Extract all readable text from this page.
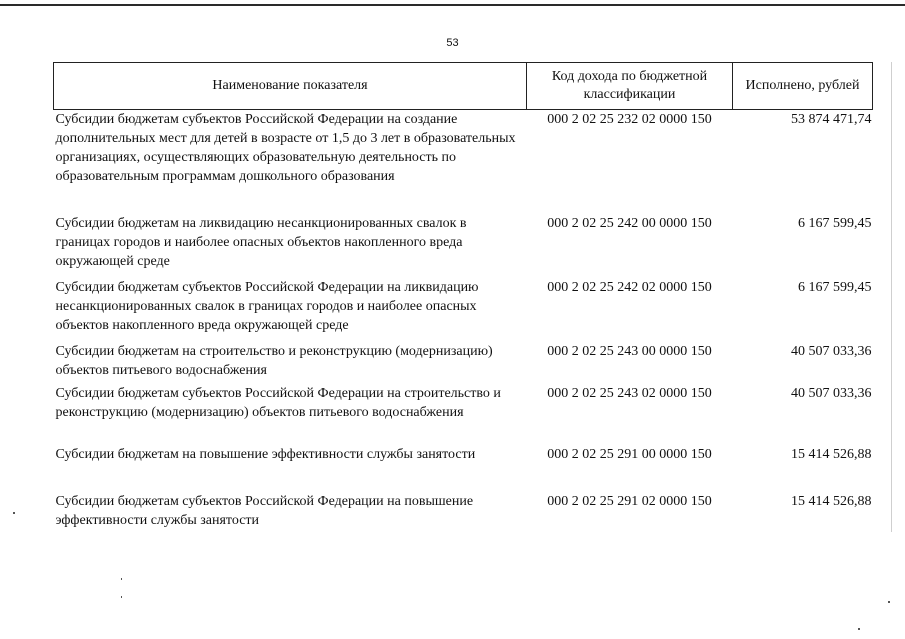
53
Наименование показателя	Код дохода по бюджетной классификации	Исполнено, рублей
Субсидии бюджетам субъектов Российской Федерации на создание дополнительных мест для детей в возрасте от 1,5 до 3 лет в образовательных организациях, осуществляющих образовательную деятельность по образовательным программам дошкольного образования	000 2 02 25 232 02 0000 150	53 874 471,74
Субсидии бюджетам на ликвидацию несанкционированных свалок в границах городов и наиболее опасных объектов накопленного вреда окружающей среде	000 2 02 25 242 00 0000 150	6 167 599,45
Субсидии бюджетам субъектов Российской Федерации на ликвидацию несанкционированных свалок в границах городов и наиболее опасных объектов накопленного вреда окружающей среде	000 2 02 25 242 02 0000 150	6 167 599,45
Субсидии бюджетам на строительство и реконструкцию (модернизацию) объектов питьевого водоснабжения	000 2 02 25 243 00 0000 150	40 507 033,36
Субсидии бюджетам субъектов Российской Федерации на строительство и реконструкцию (модернизацию) объектов питьевого водоснабжения	000 2 02 25 243 02 0000 150	40 507 033,36
Субсидии бюджетам на повышение эффективности службы занятости	000 2 02 25 291 00 0000 150	15 414 526,88
Субсидии бюджетам субъектов Российской Федерации на повышение эффективности службы занятости	000 2 02 25 291 02 0000 150	15 414 526,88
